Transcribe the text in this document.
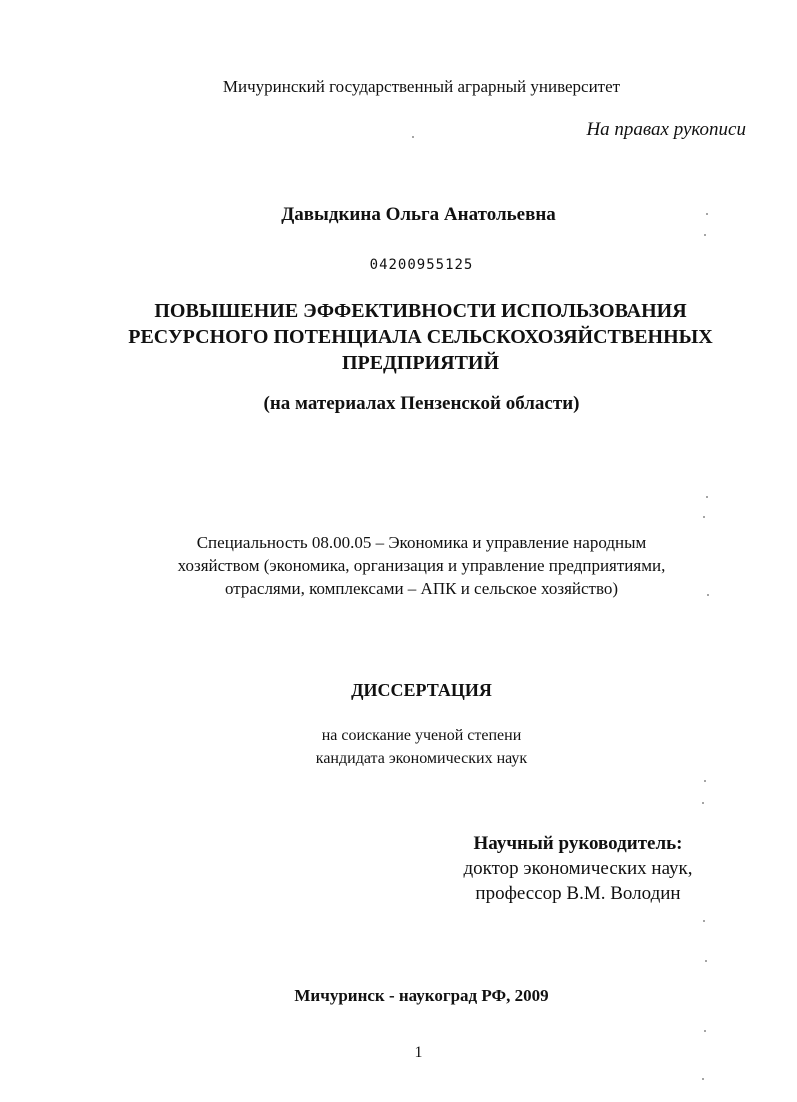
Мичуринский государственный аграрный университет
На правах рукописи
Давыдкина Ольга Анатольевна
04200955125
ПОВЫШЕНИЕ ЭФФЕКТИВНОСТИ ИСПОЛЬЗОВАНИЯ
РЕСУРСНОГО ПОТЕНЦИАЛА СЕЛЬСКОХОЗЯЙСТВЕННЫХ
ПРЕДПРИЯТИЙ
(на материалах Пензенской области)
Специальность 08.00.05 – Экономика и управление народным
хозяйством (экономика, организация и управление предприятиями,
отраслями, комплексами – АПК и сельское хозяйство)
ДИССЕРТАЦИЯ
на соискание ученой степени
кандидата экономических наук
Научный руководитель:
доктор экономических наук,
профессор В.М. Володин
Мичуринск - наукоград РФ, 2009
1
